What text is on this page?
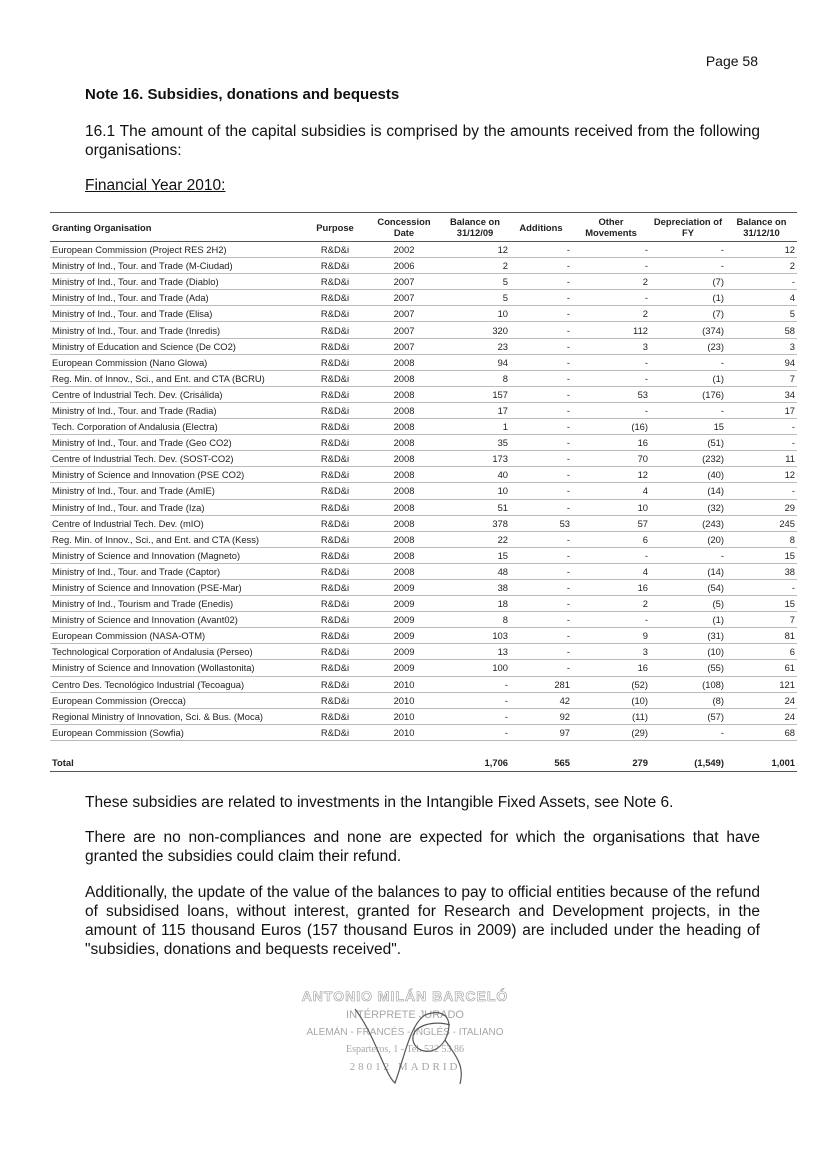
Page 58
Note 16. Subsidies, donations and bequests
16.1 The amount of the capital subsidies is comprised by the amounts received from the following organisations:
Financial Year 2010:
Granting Organisation	Purpose	Concession Date	Balance on 31/12/09	Additions	Other Movements	Depreciation of FY	Balance on 31/12/10
European Commission (Project RES 2H2)	R&D&i	2002	12	-	-	-	12
Ministry of Ind., Tour. and Trade (M-Ciudad)	R&D&i	2006	2	-	-	-	2
Ministry of Ind., Tour. and Trade (Diablo)	R&D&i	2007	5	-	2	(7)	-
Ministry of Ind., Tour. and Trade (Ada)	R&D&i	2007	5	-	-	(1)	4
Ministry of Ind., Tour. and Trade (Elisa)	R&D&i	2007	10	-	2	(7)	5
Ministry of Ind., Tour. and Trade (Inredis)	R&D&i	2007	320	-	112	(374)	58
Ministry of Education and Science (De CO2)	R&D&i	2007	23	-	3	(23)	3
European Commission (Nano Glowa)	R&D&i	2008	94	-	-	-	94
Reg. Min. of Innov., Sci., and Ent. and CTA (BCRU)	R&D&i	2008	8	-	-	(1)	7
Centre of Industrial Tech. Dev. (Crisálida)	R&D&i	2008	157	-	53	(176)	34
Ministry of Ind., Tour. and Trade (Radia)	R&D&i	2008	17	-	-	-	17
Tech. Corporation of Andalusia (Electra)	R&D&i	2008	1	-	(16)	15	-
Ministry of Ind., Tour. and Trade (Geo CO2)	R&D&i	2008	35	-	16	(51)	-
Centre of Industrial Tech. Dev. (SOST-CO2)	R&D&i	2008	173	-	70	(232)	11
Ministry of Science and Innovation (PSE CO2)	R&D&i	2008	40	-	12	(40)	12
Ministry of Ind., Tour. and Trade (AmIE)	R&D&i	2008	10	-	4	(14)	-
Ministry of Ind., Tour. and Trade (Iza)	R&D&i	2008	51	-	10	(32)	29
Centre of Industrial Tech. Dev. (mIO)	R&D&i	2008	378	53	57	(243)	245
Reg. Min. of Innov., Sci., and Ent. and CTA (Kess)	R&D&i	2008	22	-	6	(20)	8
Ministry of Science and Innovation (Magneto)	R&D&i	2008	15	-	-	-	15
Ministry of Ind., Tour. and Trade (Captor)	R&D&i	2008	48	-	4	(14)	38
Ministry of Science and Innovation (PSE-Mar)	R&D&i	2009	38	-	16	(54)	-
Ministry of Ind., Tourism and Trade (Enedis)	R&D&i	2009	18	-	2	(5)	15
Ministry of Science and Innovation (Avant02)	R&D&i	2009	8	-	-	(1)	7
European Commission (NASA-OTM)	R&D&i	2009	103	-	9	(31)	81
Technological Corporation of Andalusia (Perseo)	R&D&i	2009	13	-	3	(10)	6
Ministry of Science and Innovation (Wollastonita)	R&D&i	2009	100	-	16	(55)	61
Centro Des. Tecnológico Industrial (Tecoagua)	R&D&i	2010	-	281	(52)	(108)	121
European Commission (Orecca)	R&D&i	2010	-	42	(10)	(8)	24
Regional Ministry of Innovation, Sci. & Bus. (Moca)	R&D&i	2010	-	92	(11)	(57)	24
European Commission (Sowfia)	R&D&i	2010	-	97	(29)	-	68

Total			1,706	565	279	(1,549)	1,001
These subsidies are related to investments in the Intangible Fixed Assets, see Note 6.
There are no non-compliances and none are expected for which the organisations that have granted the subsidies could claim their refund.
Additionally, the update of the value of the balances to pay to official entities because of the refund of subsidised loans, without interest, granted for Research and Development projects, in the amount of 115 thousand Euros (157 thousand Euros in 2009) are included under the heading of "subsidies, donations and bequests received".
ANTONIO MILÁN BARCELÓ
INTÉRPRETE JURADO
ALEMÁN - FRANCÉS - INGLÉS - ITALIANO
Esparteros, 1 - Tel. 532 53 86
28012 MADRID
